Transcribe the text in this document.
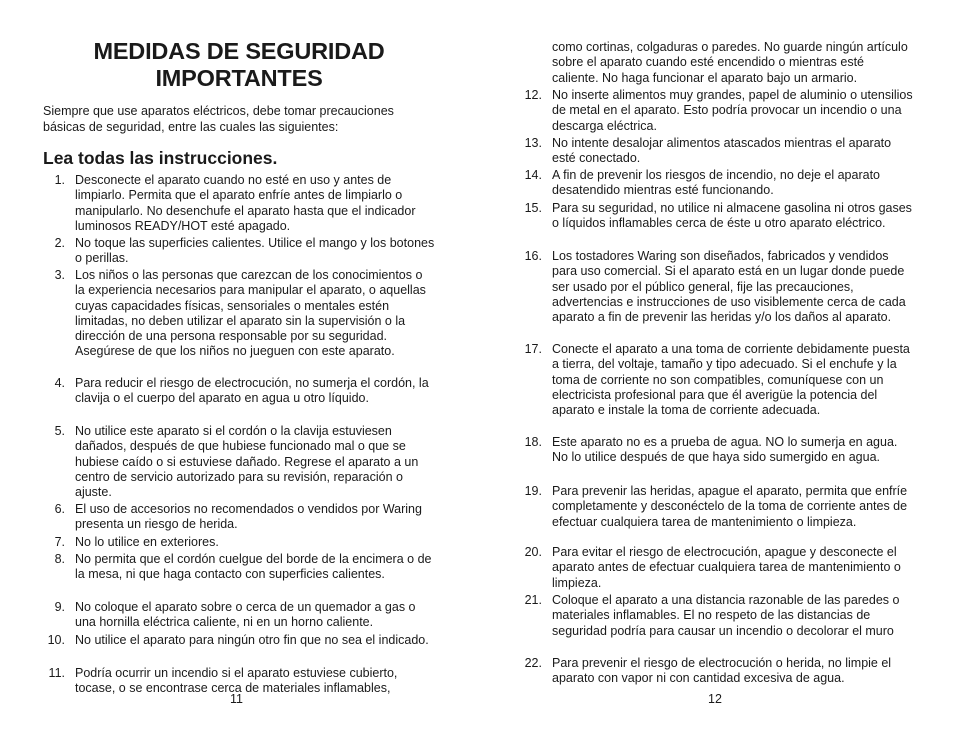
MEDIDAS DE SEGURIDAD IMPORTANTES
Siempre que use aparatos eléctricos, debe tomar precauciones básicas de seguridad, entre las cuales las siguientes:
Lea todas las instrucciones.
1. Desconecte el aparato cuando no esté en uso y antes de limpiarlo. Permita que el aparato enfríe antes de limpiarlo o manipularlo. No desenchufe el aparato hasta que el indicador luminosos READY/HOT esté apagado.
2. No toque las superficies calientes. Utilice el mango y los botones o perillas.
3. Los niños o las personas que carezcan de los conocimientos o la experiencia necesarios para manipular el aparato, o aquellas cuyas capacidades físicas, sensoriales o mentales estén limitadas, no deben utilizar el aparato sin la supervisión o la dirección de una persona responsable por su seguridad. Asegúrese de que los niños no jueguen con este aparato.
4. Para reducir el riesgo de electrocución, no sumerja el cordón, la clavija o el cuerpo del aparato en agua u otro líquido.
5. No utilice este aparato si el cordón o la clavija estuviesen dañados, después de que hubiese funcionado mal o que se hubiese caído o si estuviese dañado. Regrese el aparato a un centro de servicio autorizado para su revisión, reparación o ajuste.
6. El uso de accesorios no recomendados o vendidos por Waring presenta un riesgo de herida.
7. No lo utilice en exteriores.
8. No permita que el cordón cuelgue del borde de la encimera o de la mesa, ni que haga contacto con superficies calientes.
9. No coloque el aparato sobre o cerca de un quemador a gas o una hornilla eléctrica caliente, ni en un horno caliente.
10. No utilice el aparato para ningún otro fin que no sea el indicado.
11. Podría ocurrir un incendio si el aparato estuviese cubierto, tocase, o se encontrase cerca de materiales inflamables,
11
como cortinas, colgaduras o paredes. No guarde ningún artículo sobre el aparato cuando esté encendido o mientras esté caliente. No haga funcionar el aparato bajo un armario.
12. No inserte alimentos muy grandes, papel de aluminio o utensilios de metal en el aparato. Esto podría provocar un incendio o una descarga eléctrica.
13. No intente desalojar alimentos atascados mientras el aparato esté conectado.
14. A fin de prevenir los riesgos de incendio, no deje el aparato desatendido mientras esté funcionando.
15. Para su seguridad, no utilice ni almacene gasolina ni otros gases o líquidos inflamables cerca de éste u otro aparato eléctrico.
16. Los tostadores Waring son diseñados, fabricados y vendidos para uso comercial. Si el aparato está en un lugar donde puede ser usado por el público general, fije las precauciones, advertencias e instrucciones de uso visiblemente cerca de cada aparato a fin de prevenir las heridas y/o los daños al aparato.
17. Conecte el aparato a una toma de corriente debidamente puesta a tierra, del voltaje, tamaño y tipo adecuado. Si el enchufe y la toma de corriente no son compatibles, comuníquese con un electricista profesional para que él averigüe la potencia del aparato e instale la toma de corriente adecuada.
18. Este aparato no es a prueba de agua. NO lo sumerja en agua. No lo utilice después de que haya sido sumergido en agua.
19. Para prevenir las heridas, apague el aparato, permita que enfríe completamente y desconéctelo de la toma de corriente antes de efectuar cualquiera tarea de mantenimiento o limpieza.
20. Para evitar el riesgo de electrocución, apague y desconecte el aparato antes de efectuar cualquiera tarea de mantenimiento o limpieza.
21. Coloque el aparato a una distancia razonable de las paredes o materiales inflamables. El no respeto de las distancias de seguridad podría para causar un incendio o decolorar el muro
22. Para prevenir el riesgo de electrocución o herida, no limpie el aparato con vapor ni con cantidad excesiva de agua.
12
